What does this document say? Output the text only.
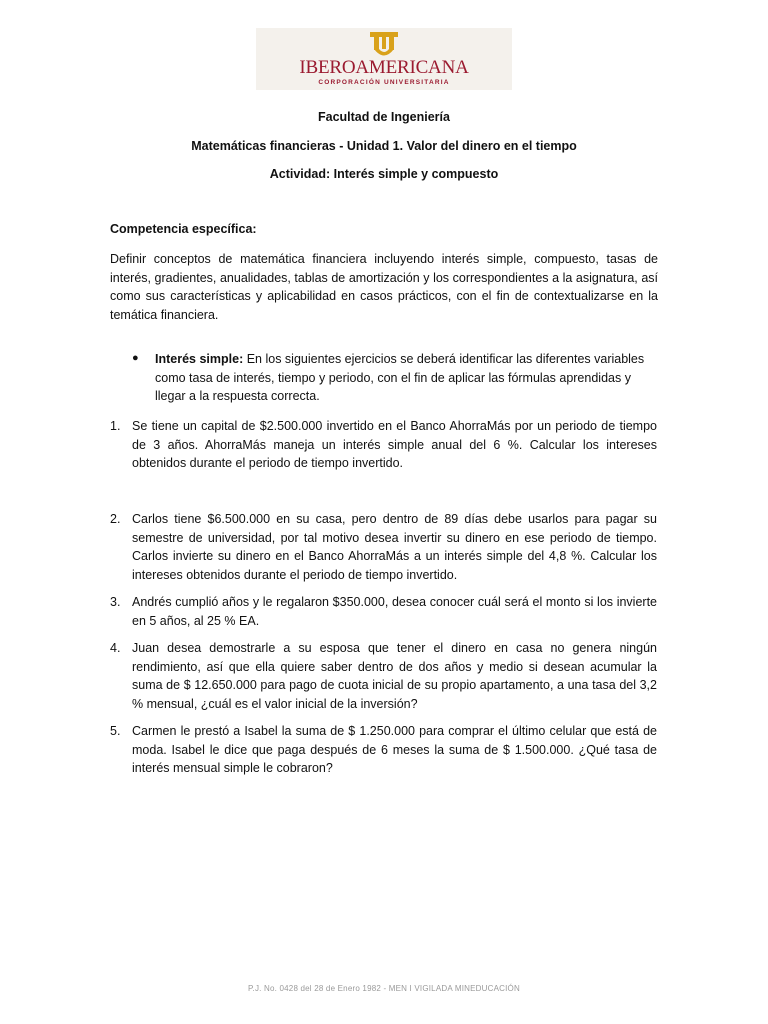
IBEROAMERICANA
CORPORACIÓN UNIVERSITARIA
Facultad de Ingeniería
Matemáticas financieras - Unidad 1. Valor del dinero en el tiempo
Actividad: Interés simple y compuesto
Competencia específica:
Definir conceptos de matemática financiera incluyendo interés simple, compuesto, tasas de interés, gradientes, anualidades, tablas de amortización y los correspondientes a la asignatura, así como sus características y aplicabilidad en casos prácticos, con el fin de contextualizarse en la temática financiera.
● Interés simple: En los siguientes ejercicios se deberá identificar las diferentes variables como tasa de interés, tiempo y periodo, con el fin de aplicar las fórmulas aprendidas y llegar a la respuesta correcta.
1. Se tiene un capital de $2.500.000 invertido en el Banco AhorraMás por un periodo de tiempo de 3 años. AhorraMás maneja un interés simple anual del 6 %. Calcular los intereses obtenidos durante el periodo de tiempo invertido.
2. Carlos tiene $6.500.000 en su casa, pero dentro de 89 días debe usarlos para pagar su semestre de universidad, por tal motivo desea invertir su dinero en ese periodo de tiempo. Carlos invierte su dinero en el Banco AhorraMás a un interés simple del 4,8 %. Calcular los intereses obtenidos durante el periodo de tiempo invertido.
3. Andrés cumplió años y le regalaron $350.000, desea conocer cuál será el monto si los invierte en 5 años, al 25 % EA.
4. Juan desea demostrarle a su esposa que tener el dinero en casa no genera ningún rendimiento, así que ella quiere saber dentro de dos años y medio si desean acumular la suma de $ 12.650.000 para pago de cuota inicial de su propio apartamento, a una tasa del 3,2 % mensual, ¿cuál es el valor inicial de la inversión?
5. Carmen le prestó a Isabel la suma de $ 1.250.000 para comprar el último celular que está de moda. Isabel le dice que paga después de 6 meses la suma de $ 1.500.000. ¿Qué tasa de interés mensual simple le cobraron?
P.J. No. 0428 del 28 de Enero 1982 - MEN I VIGILADA MINEDUCACIÓN
